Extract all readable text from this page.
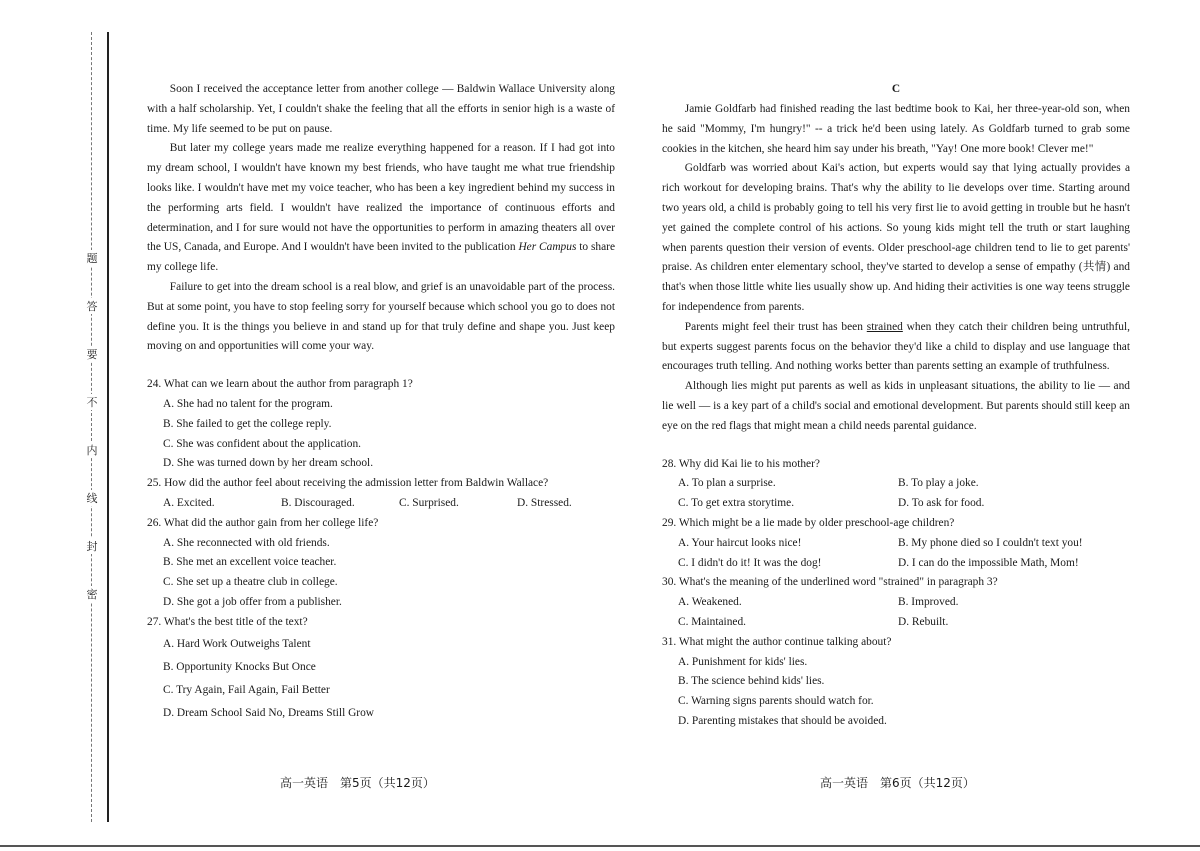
题
答
要
不
内
线
封
密

Soon I received the acceptance letter from another college — Baldwin Wallace University along with a half scholarship. Yet, I couldn't shake the feeling that all the efforts in senior high is a waste of time. My life seemed to be put on pause.

But later my college years made me realize everything happened for a reason. If I had got into my dream school, I wouldn't have known my best friends, who have taught me what true friendship looks like. I wouldn't have met my voice teacher, who has been a key ingredient behind my success in the performing arts field. I wouldn't have realized the importance of continuous efforts and determination, and I for sure would not have the opportunities to perform in amazing theaters all over the US, Canada, and Europe. And I wouldn't have been invited to the publication Her Campus to share my college life.

Failure to get into the dream school is a real blow, and grief is an unavoidable part of the process. But at some point, you have to stop feeling sorry for yourself because which school you go to does not define you. It is the things you believe in and stand up for that truly define and shape you. Just keep moving on and opportunities will come your way.

24. What can we learn about the author from paragraph 1?

A. She had no talent for the program.

B. She failed to get the college reply.

C. She was confident about the application.

D. She was turned down by her dream school.

25. How did the author feel about receiving the admission letter from Baldwin Wallace?

A. Excited.	B. Discouraged.	C. Surprised.	D. Stressed.

26. What did the author gain from her college life?

A. She reconnected with old friends.

B. She met an excellent voice teacher.

C. She set up a theatre club in college.

D. She got a job offer from a publisher.

27. What's the best title of the text?

A. Hard Work Outweighs Talent

B. Opportunity Knocks But Once

C. Try Again, Fail Again, Fail Better

D. Dream School Said No, Dreams Still Grow

C

Jamie Goldfarb had finished reading the last bedtime book to Kai, her three-year-old son, when he said "Mommy, I'm hungry!" -- a trick he'd been using lately. As Goldfarb turned to grab some cookies in the kitchen, she heard him say under his breath, "Yay! One more book! Clever me!"

Goldfarb was worried about Kai's action, but experts would say that lying actually provides a rich workout for developing brains. That's why the ability to lie develops over time. Starting around two years old, a child is probably going to tell his very first lie to avoid getting in trouble but he hasn't yet gained the complete control of his actions. So young kids might tell the truth or start laughing when parents question their version of events. Older preschool-age children tend to lie to get parents' praise. As children enter elementary school, they've started to develop a sense of empathy (共情) and that's when those little white lies usually show up. And hiding their activities is one way teens struggle for independence from parents.

Parents might feel their trust has been strained when they catch their children being untruthful, but experts suggest parents focus on the behavior they'd like a child to display and use language that encourages truth telling. And nothing works better than parents setting an example of truthfulness.

Although lies might put parents as well as kids in unpleasant situations, the ability to lie — and lie well — is a key part of a child's social and emotional development. But parents should still keep an eye on the red flags that might mean a child needs parental guidance.

28. Why did Kai lie to his mother?

A. To plan a surprise.	B. To play a joke.
C. To get extra storytime.	D. To ask for food.

29. Which might be a lie made by older preschool-age children?

A. Your haircut looks nice!	B. My phone died so I couldn't text you!
C. I didn't do it! It was the dog!	D. I can do the impossible Math, Mom!

30. What's the meaning of the underlined word "strained" in paragraph 3?

A. Weakened.	B. Improved.
C. Maintained.	D. Rebuilt.

31. What might the author continue talking about?

A. Punishment for kids' lies.

B. The science behind kids' lies.

C. Warning signs parents should watch for.

D. Parenting mistakes that should be avoided.

高一英语　第5页（共12页）	高一英语　第6页（共12页）
